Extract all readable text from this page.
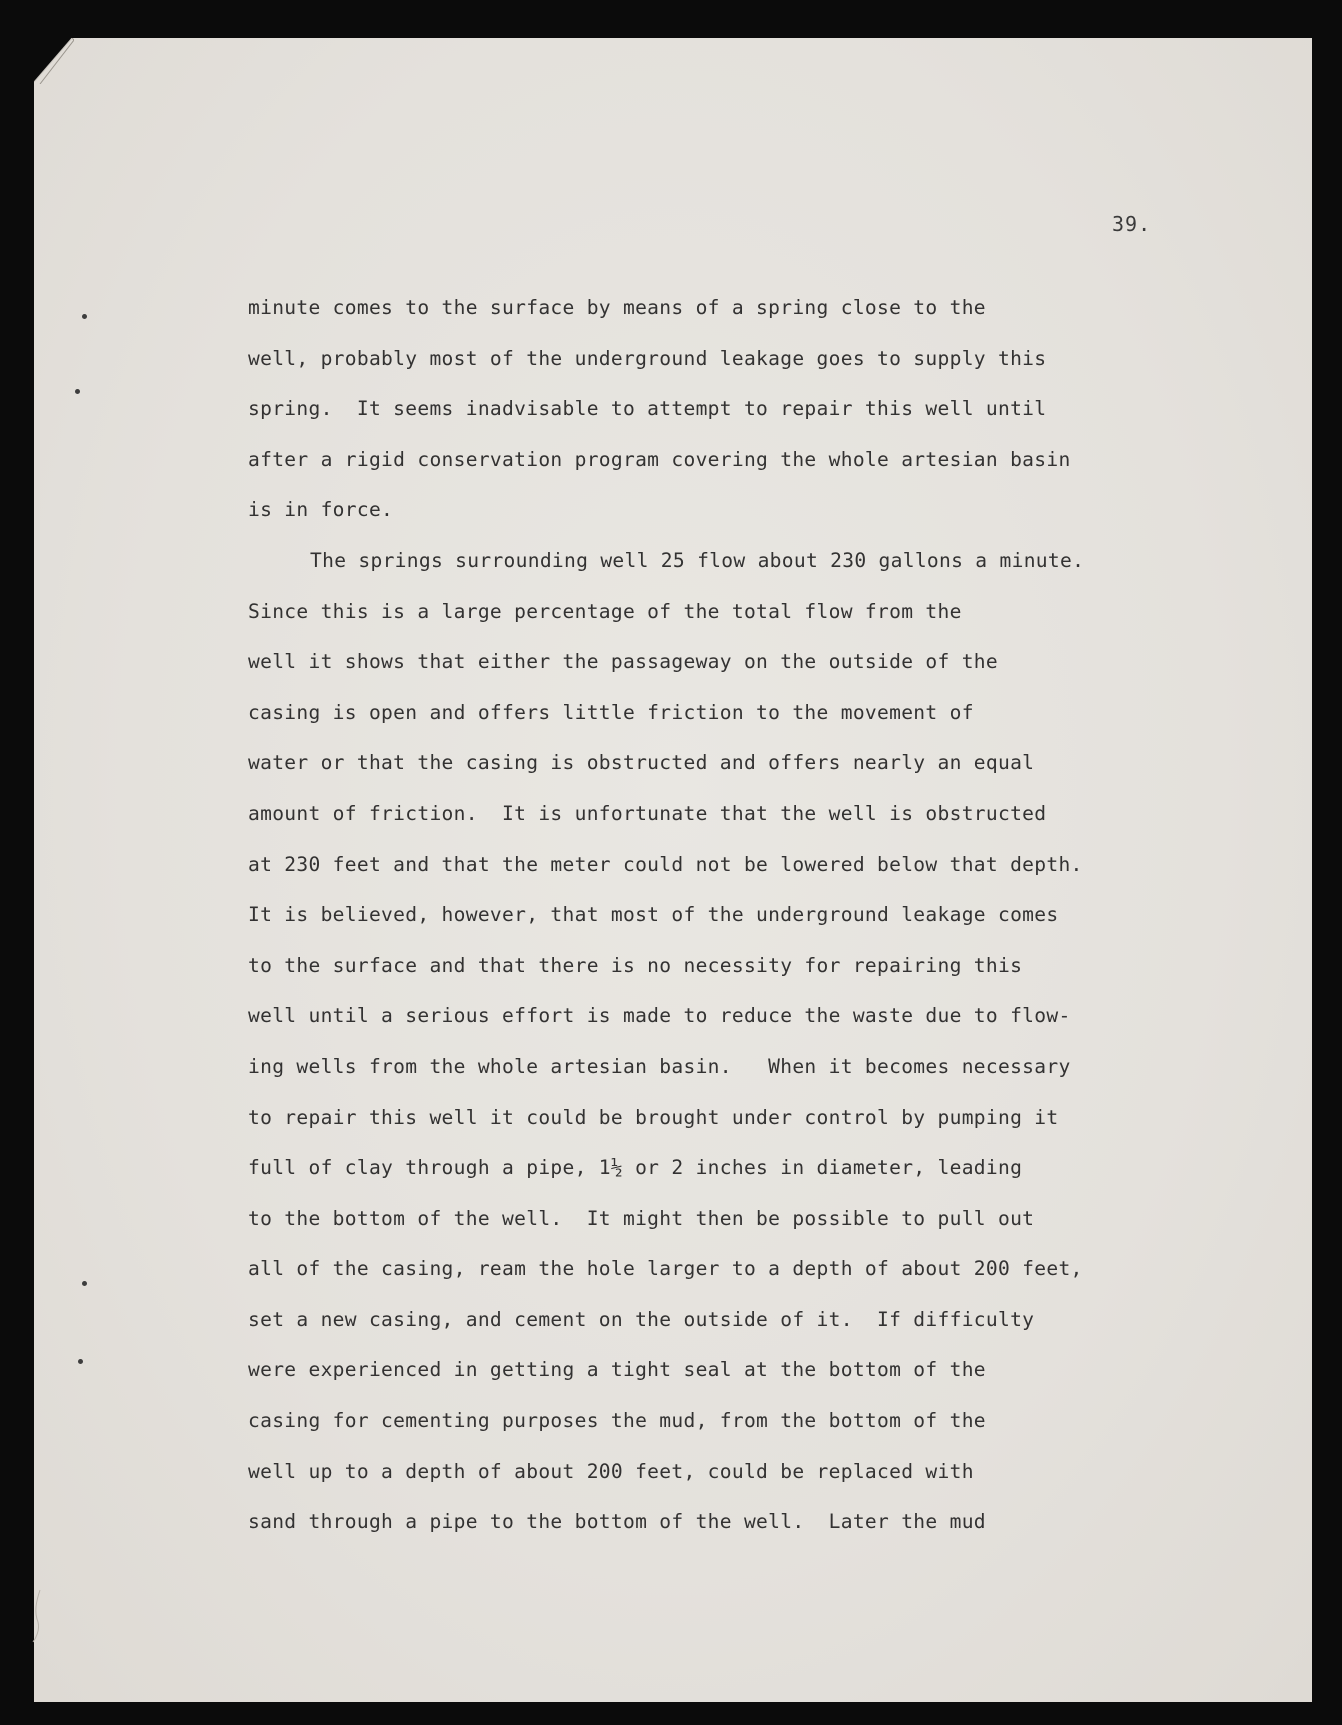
39.
minute comes to the surface by means of a spring close to the
well, probably most of the underground leakage goes to supply this
spring.  It seems inadvisable to attempt to repair this well until
after a rigid conservation program covering the whole artesian basin
is in force.
The springs surrounding well 25 flow about 230 gallons a minute.
Since this is a large percentage of the total flow from the
well it shows that either the passageway on the outside of the
casing is open and offers little friction to the movement of
water or that the casing is obstructed and offers nearly an equal
amount of friction.  It is unfortunate that the well is obstructed
at 230 feet and that the meter could not be lowered below that depth.
It is believed, however, that most of the underground leakage comes
to the surface and that there is no necessity for repairing this
well until a serious effort is made to reduce the waste due to flow-
ing wells from the whole artesian basin.   When it becomes necessary
to repair this well it could be brought under control by pumping it
full of clay through a pipe, 1½ or 2 inches in diameter, leading
to the bottom of the well.  It might then be possible to pull out
all of the casing, ream the hole larger to a depth of about 200 feet,
set a new casing, and cement on the outside of it.  If difficulty
were experienced in getting a tight seal at the bottom of the
casing for cementing purposes the mud, from the bottom of the
well up to a depth of about 200 feet, could be replaced with
sand through a pipe to the bottom of the well.  Later the mud
